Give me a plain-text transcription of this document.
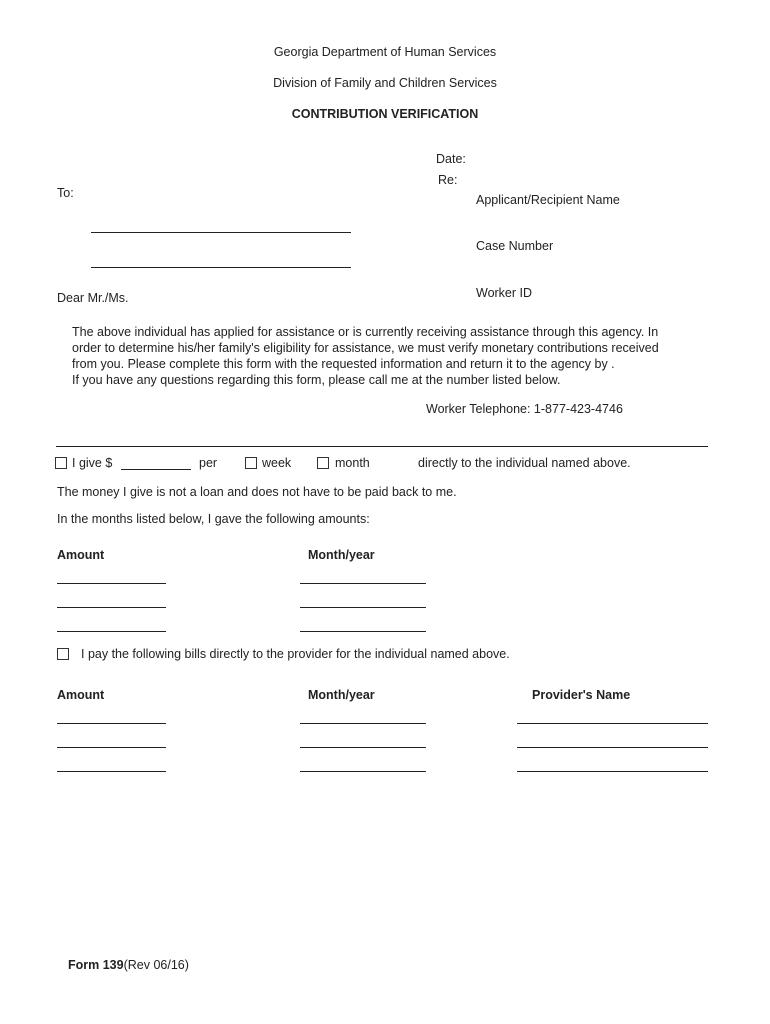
Georgia Department of Human Services
Division of Family and Children Services
CONTRIBUTION VERIFICATION
Date:
Re:
To:	Applicant/Recipient Name
Case Number
Worker ID
Dear Mr./Ms.
The above individual has applied for assistance or is currently receiving assistance through this agency. In
order to determine his/her family's eligibility for assistance, we must verify monetary contributions received
from you. Please complete this form with the requested information and return it to the agency by .
If you have any questions regarding this form, please call me at the number listed below.
Worker Telephone: 1-877-423-4746
I give $	per	week	month	directly to the individual named above.
The money I give is not a loan and does not have to be paid back to me.
In the months listed below, I gave the following amounts:
Amount	Month/year
I pay the following bills directly to the provider for the individual named above.
Amount	Month/year	Provider's Name
Form 139(Rev 06/16)
